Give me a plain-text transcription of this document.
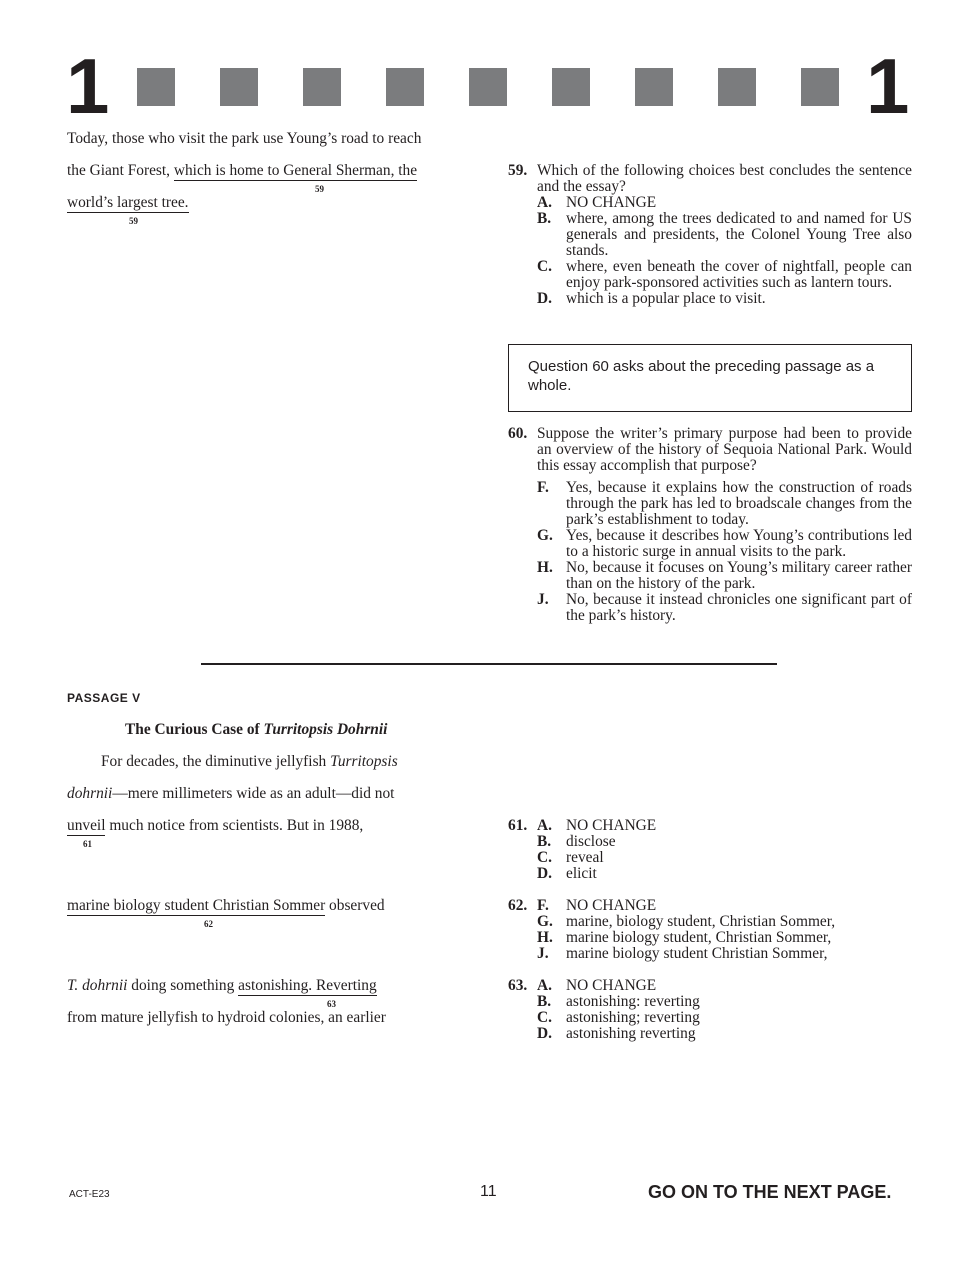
1	1
Today, those who visit the park use Young’s road to reach
the Giant Forest, which is home to General Sherman, the
59
world’s largest tree.
59
59. Which of the following choices best concludes the sentence and the essay?
A. NO CHANGE
B. where, among the trees dedicated to and named for US generals and presidents, the Colonel Young Tree also stands.
C. where, even beneath the cover of nightfall, people can enjoy park-sponsored activities such as lantern tours.
D. which is a popular place to visit.
Question 60 asks about the preceding passage as a whole.
60. Suppose the writer’s primary purpose had been to provide an overview of the history of Sequoia National Park. Would this essay accomplish that purpose?
F.	Yes, because it explains how the construction of roads through the park has led to broadscale changes from the park’s establishment to today.
G. Yes, because it describes how Young’s contributions led to a historic surge in annual visits to the park.
H. No, because it focuses on Young’s military career rather than on the history of the park.
J.	No, because it instead chronicles one significant part of the park’s history.
PASSAGE V
The Curious Case of Turritopsis Dohrnii
For decades, the diminutive jellyfish Turritopsis
dohrnii—mere millimeters wide as an adult—did not
unveil much notice from scientists. But in 1988,
61
marine biology student Christian Sommer observed
62
T. dohrnii doing something astonishing. Reverting
63
from mature jellyfish to hydroid colonies, an earlier
61. A. NO CHANGE
B. disclose
C. reveal
D. elicit
62. F. NO CHANGE
G. marine, biology student, Christian Sommer,
H. marine biology student, Christian Sommer,
J. marine biology student Christian Sommer,
63. A. NO CHANGE
B. astonishing: reverting
C. astonishing; reverting
D. astonishing reverting
ACT-E23	11	GO ON TO THE NEXT PAGE.
